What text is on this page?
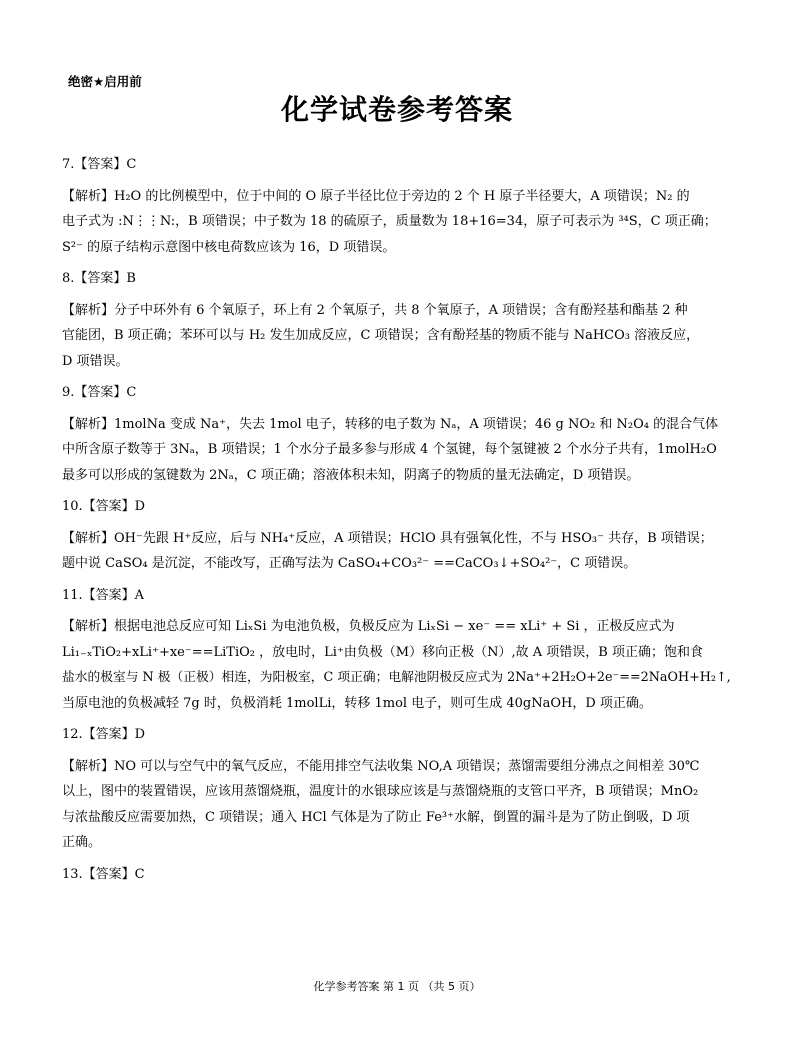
绝密★启用前
化学试卷参考答案
7.【答案】C
【解析】H₂O 的比例模型中，位于中间的 O 原子半径比位于旁边的 2 个 H 原子半径要大，A 项错误；N₂ 的
电子式为 :N⋮⋮N:，B 项错误；中子数为 18 的硫原子，质量数为 18+16=34，原子可表示为 ³⁴S，C 项正确；
S²⁻ 的原子结构示意图中核电荷数应该为 16，D 项错误。
8.【答案】B
【解析】分子中环外有 6 个氧原子，环上有 2 个氧原子，共 8 个氧原子，A 项错误；含有酚羟基和酯基 2 种
官能团，B 项正确；苯环可以与 H₂ 发生加成反应，C 项错误；含有酚羟基的物质不能与 NaHCO₃ 溶液反应，
D 项错误。
9.【答案】C
【解析】1molNa 变成 Na⁺，失去 1mol 电子，转移的电子数为 Nₐ，A 项错误；46 g NO₂ 和 N₂O₄ 的混合气体
中所含原子数等于 3Nₐ，B 项错误；1 个水分子最多参与形成 4 个氢键，每个氢键被 2 个水分子共有，1molH₂O
最多可以形成的氢键数为 2Nₐ，C 项正确；溶液体积未知，阴离子的物质的量无法确定，D 项错误。
10.【答案】D
【解析】OH⁻先跟 H⁺反应，后与 NH₄⁺反应，A 项错误；HClO 具有强氧化性，不与 HSO₃⁻ 共存，B 项错误；
题中说 CaSO₄ 是沉淀，不能改写，正确写法为 CaSO₄+CO₃²⁻ ==CaCO₃↓+SO₄²⁻，C 项错误。
11.【答案】A
【解析】根据电池总反应可知 LiₓSi 为电池负极，负极反应为 LiₓSi − xe⁻ == xLi⁺ + Si ，正极反应式为
Li₁₋ₓTiO₂+xLi⁺+xe⁻==LiTiO₂ ，放电时，Li⁺由负极（M）移向正极（N）,故 A 项错误，B 项正确；饱和食
盐水的极室与 N 极（正极）相连，为阳极室，C 项正确；电解池阴极反应式为 2Na⁺+2H₂O+2e⁻==2NaOH+H₂↑,
当原电池的负极减轻 7g 时，负极消耗 1molLi，转移 1mol 电子，则可生成 40gNaOH，D 项正确。
12.【答案】D
【解析】NO 可以与空气中的氧气反应，不能用排空气法收集 NO,A 项错误；蒸馏需要组分沸点之间相差 30℃
以上，图中的装置错误，应该用蒸馏烧瓶，温度计的水银球应该是与蒸馏烧瓶的支管口平齐，B 项错误；MnO₂
与浓盐酸反应需要加热，C 项错误；通入 HCl 气体是为了防止 Fe³⁺水解，倒置的漏斗是为了防止倒吸，D 项
正确。
13.【答案】C
化学参考答案 第 1 页 （共 5 页）
